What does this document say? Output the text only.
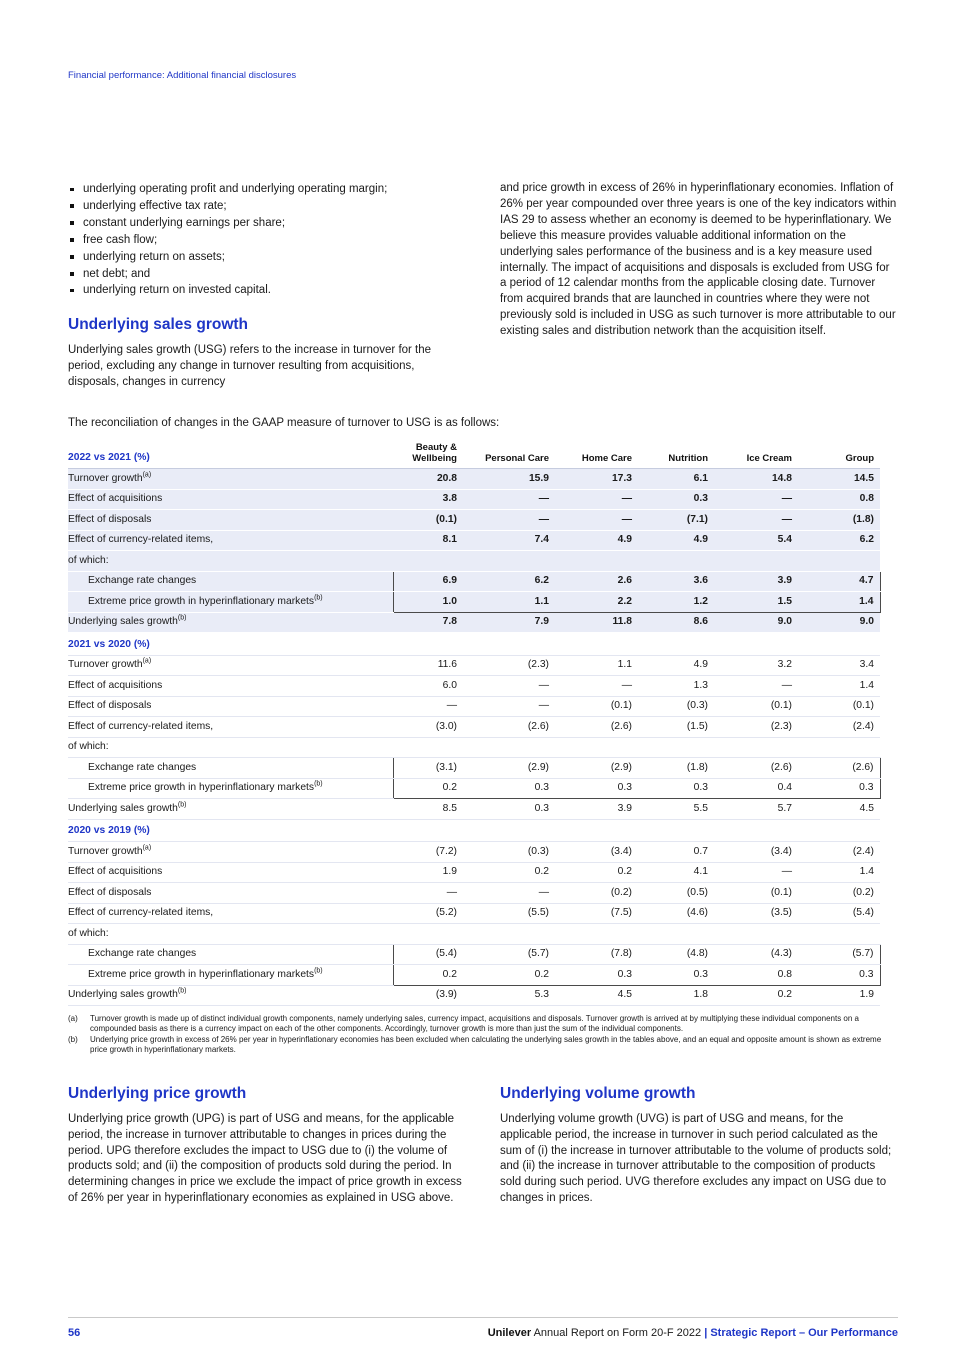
Financial performance: Additional financial disclosures
underlying operating profit and underlying operating margin;
underlying effective tax rate;
constant underlying earnings per share;
free cash flow;
underlying return on assets;
net debt; and
underlying return on invested capital.
Underlying sales growth

Underlying sales growth (USG) refers to the increase in turnover for the period, excluding any change in turnover resulting from acquisitions, disposals, changes in currency

and price growth in excess of 26% in hyperinflationary economies. Inflation of 26% per year compounded over three years is one of the key indicators within IAS 29 to assess whether an economy is deemed to be hyperinflationary. We believe this measure provides valuable additional information on the underlying sales performance of the business and is a key measure used internally. The impact of acquisitions and disposals is excluded from USG for a period of 12 calendar months from the applicable closing date. Turnover from acquired brands that are launched in countries where they were not previously sold is included in USG as such turnover is more attributable to our existing sales and distribution network than the acquisition itself.

The reconciliation of changes in the GAAP measure of turnover to USG is as follows:

2022 vs 2021 (%)	Beauty & Wellbeing	Personal Care	Home Care	Nutrition	Ice Cream	Group
Turnover growth$^{(a)}$	20.8	15.9	17.3	6.1	14.8	14.5
Effect of acquisitions	3.8	—	—	0.3	—	0.8
Effect of disposals	(0.1)	—	—	(7.1)	—	(1.8)
Effect of currency-related items,	8.1	7.4	4.9	4.9	5.4	6.2
of which:						
Exchange rate changes	6.9	6.2	2.6	3.6	3.9	4.7
Extreme price growth in hyperinflationary markets$^{(b)}$	1.0	1.1	2.2	1.2	1.5	1.4
Underlying sales growth$^{(b)}$	7.8	7.9	11.8	8.6	9.0	9.0
2021 vs 2020 (%)						
Turnover growth$^{(a)}$	11.6	(2.3)	1.1	4.9	3.2	3.4
Effect of acquisitions	6.0	—	—	1.3	—	1.4
Effect of disposals	—	—	(0.1)	(0.3)	(0.1)	(0.1)
Effect of currency-related items,	(3.0)	(2.6)	(2.6)	(1.5)	(2.3)	(2.4)
of which:						
Exchange rate changes	(3.1)	(2.9)	(2.9)	(1.8)	(2.6)	(2.6)
Extreme price growth in hyperinflationary markets$^{(b)}$	0.2	0.3	0.3	0.3	0.4	0.3
Underlying sales growth$^{(b)}$	8.5	0.3	3.9	5.5	5.7	4.5
2020 vs 2019 (%)						
Turnover growth$^{(a)}$	(7.2)	(0.3)	(3.4)	0.7	(3.4)	(2.4)
Effect of acquisitions	1.9	0.2	0.2	4.1	—	1.4
Effect of disposals	—	—	(0.2)	(0.5)	(0.1)	(0.2)
Effect of currency-related items,	(5.2)	(5.5)	(7.5)	(4.6)	(3.5)	(5.4)
of which:						
Exchange rate changes	(5.4)	(5.7)	(7.8)	(4.8)	(4.3)	(5.7)
Extreme price growth in hyperinflationary markets$^{(b)}$	0.2	0.2	0.3	0.3	0.8	0.3
Underlying sales growth$^{(b)}$	(3.9)	5.3	4.5	1.8	0.2	1.9
(a)	Turnover growth is made up of distinct individual growth components, namely underlying sales, currency impact, acquisitions and disposals. Turnover growth is arrived at by multiplying these individual components on a compounded basis as there is a currency impact on each of the other components. Accordingly, turnover growth is more than just the sum of the individual components.
(b)	Underlying price growth in excess of 26% per year in hyperinflationary economies has been excluded when calculating the underlying sales growth in the tables above, and an equal and opposite amount is shown as extreme price growth in hyperinflationary markets.
Underlying price growth

Underlying price growth (UPG) is part of USG and means, for the applicable period, the increase in turnover attributable to changes in prices during the period. UPG therefore excludes the impact to USG due to (i) the volume of products sold; and (ii) the composition of products sold during the period. In determining changes in price we exclude the impact of price growth in excess of 26% per year in hyperinflationary economies as explained in USG above.

Underlying volume growth

Underlying volume growth (UVG) is part of USG and means, for the applicable period, the increase in turnover in such period calculated as the sum of (i) the increase in turnover attributable to the volume of products sold; and (ii) the increase in turnover attributable to the composition of products sold during such period. UVG therefore excludes any impact on USG due to changes in prices.

56	Unilever Annual Report on Form 20-F 2022 | Strategic Report – Our Performance
